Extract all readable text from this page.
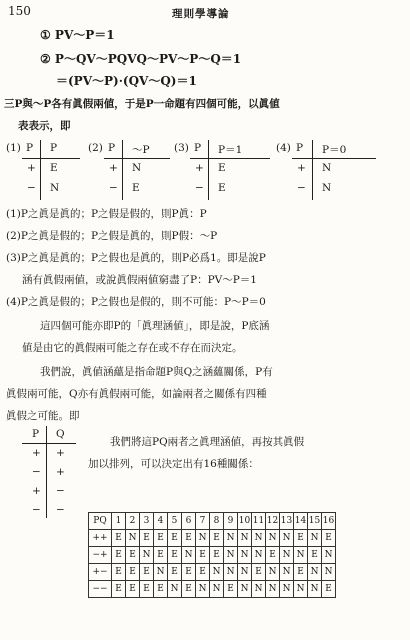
150	理則學導論
① PV～P＝1
② P～QV～PQVQ～PV～P～Q＝1
＝(PV～P)·(QV～Q)＝1
三P與～P各有眞假兩値，于是P一命題有四個可能，以眞値
表表示，即
(1) P P
+ E
− N
(2) P ～P
+ N
− E
(3) P P＝1
+ E
− E
(4) P P＝0
+ N
− N
(1)P之眞是眞的；P之假是假的，則P眞：P
(2)P之眞是假的；P之假是眞的，則P假：～P
(3)P之眞是眞的；P之假也是眞的，則P必爲1。即是說P
涵有眞假兩値，或說眞假兩値窮盡了P：PV～P＝1
(4)P之眞是假的；P之假也是假的，則不可能：P～P＝0
這四個可能亦即P的「眞理涵値」，即是說，P底涵
値是由它的眞假兩可能之存在或不存在而決定。
我們說，眞値涵蘊是指命題P與Q之涵蘊關係，P有
眞假兩可能，Q亦有眞假兩可能，如論兩者之關係有四種
眞假之可能。即
P Q
+ +
− +
+ −
− −
我們將這PQ兩者之眞理涵値，再按其眞假
加以排列，可以決定出有16種關係：
PQ	1	2	3	4	5	6	7	8	9	10	11	12	13	14	15	16
++	E	N	E	E	E	E	N	E	N	N	N	N	N	E	N	E
−+	E	E	N	E	E	N	E	E	N	N	N	E	N	N	E	N
+−	E	E	E	N	E	E	E	N	N	N	E	N	N	E	N	N
−−	E	E	E	E	N	E	N	N	E	N	N	N	N	N	N	E
